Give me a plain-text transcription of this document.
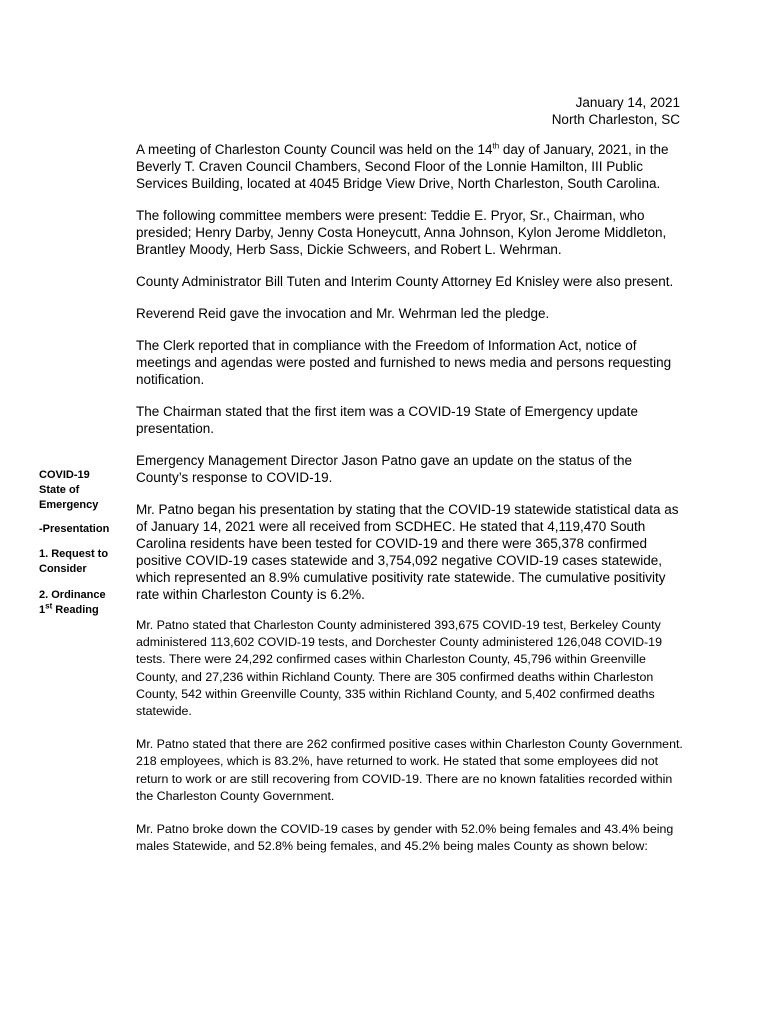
January 14, 2021
North Charleston, SC
COVID-19
State of
Emergency
-Presentation
1. Request to
Consider
2. Ordinance
1st Reading

A meeting of Charleston County Council was held on the 14th day of January, 2021, in the Beverly T. Craven Council Chambers, Second Floor of the Lonnie Hamilton, III Public Services Building, located at 4045 Bridge View Drive, North Charleston, South Carolina.

The following committee members were present: Teddie E. Pryor, Sr., Chairman, who presided; Henry Darby, Jenny Costa Honeycutt, Anna Johnson, Kylon Jerome Middleton, Brantley Moody, Herb Sass, Dickie Schweers, and Robert L. Wehrman.

County Administrator Bill Tuten and Interim County Attorney Ed Knisley were also present.

Reverend Reid gave the invocation and Mr. Wehrman led the pledge.

The Clerk reported that in compliance with the Freedom of Information Act, notice of meetings and agendas were posted and furnished to news media and persons requesting notification.

The Chairman stated that the first item was a COVID-19 State of Emergency update presentation.

Emergency Management Director Jason Patno gave an update on the status of the County’s response to COVID-19.

Mr. Patno began his presentation by stating that the COVID-19 statewide statistical data as of January 14, 2021 were all received from SCDHEC. He stated that 4,119,470 South Carolina residents have been tested for COVID-19 and there were 365,378 confirmed positive COVID-19 cases statewide and 3,754,092 negative COVID-19 cases statewide, which represented an 8.9% cumulative positivity rate statewide. The cumulative positivity rate within Charleston County is 6.2%.

Mr. Patno stated that Charleston County administered 393,675 COVID-19 test, Berkeley County administered 113,602 COVID-19 tests, and Dorchester County administered 126,048 COVID-19 tests. There were 24,292 confirmed cases within Charleston County, 45,796 within Greenville County, and 27,236 within Richland County. There are 305 confirmed deaths within Charleston County, 542 within Greenville County, 335 within Richland County, and 5,402 confirmed deaths statewide.

Mr. Patno stated that there are 262 confirmed positive cases within Charleston County Government. 218 employees, which is 83.2%, have returned to work. He stated that some employees did not return to work or are still recovering from COVID-19. There are no known fatalities recorded within the Charleston County Government.

Mr. Patno broke down the COVID-19 cases by gender with 52.0% being females and 43.4% being males Statewide, and 52.8% being females, and 45.2% being males County as shown below:
